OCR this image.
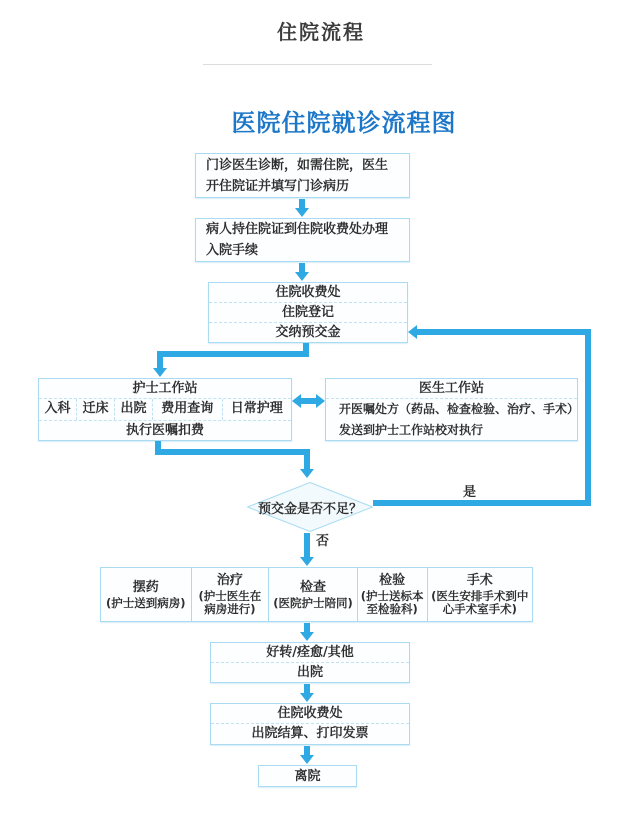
住院流程
医院住院就诊流程图
门诊医生诊断，如需住院，医生开住院证并填写门诊病历
病人持住院证到住院收费处办理入院手续
住院收费处
住院登记
交纳预交金
护士工作站
入科 迁床 出院	费用查询	日常护理
执行医嘱扣费
医生工作站
开医嘱处方（药品、检查检验、治疗、手术）
发送到护士工作站校对执行
预交金是否不足？
是
否
摆药
(护士送到病房)
治疗
(护士医生在病房进行)
检查
(医院护士陪同)
检验
(护士送标本至检验科)
手术
(医生安排手术到中心手术室手术)
好转/痊愈/其他
出院
住院收费处
出院结算、打印发票
离院
